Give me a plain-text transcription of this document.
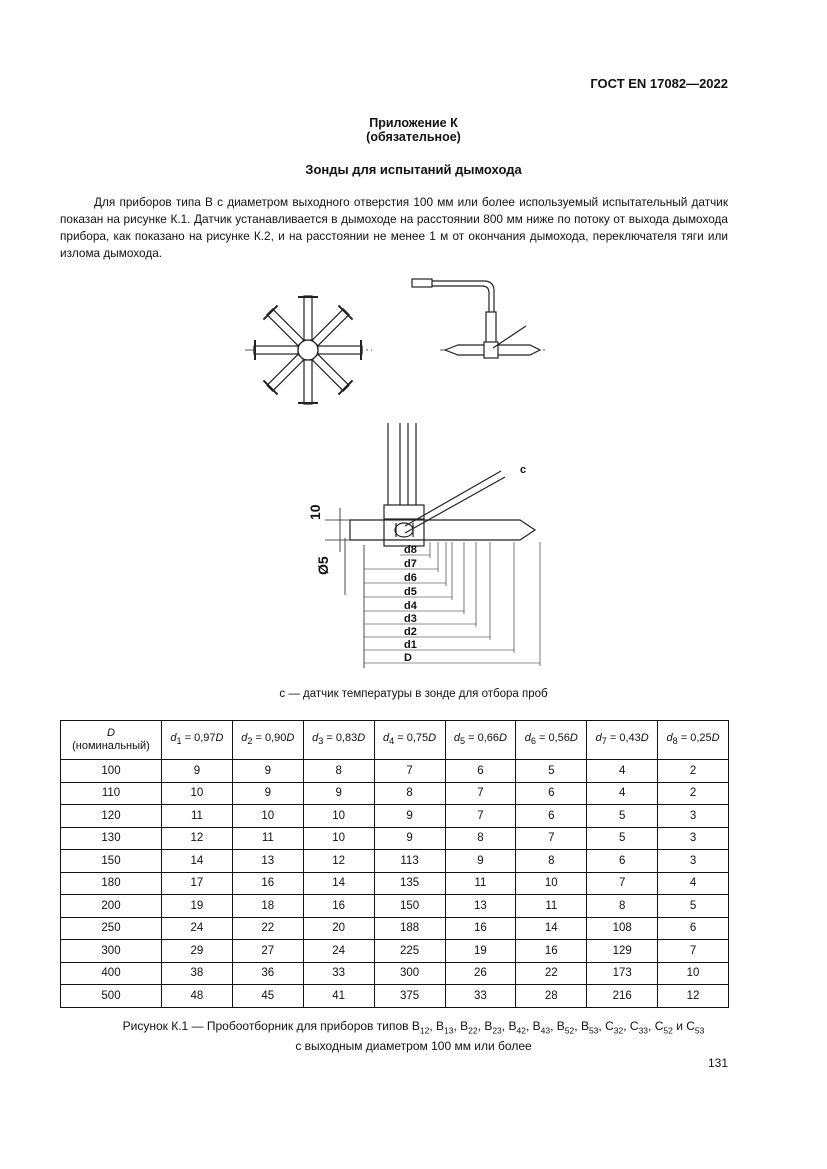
ГОСТ EN 17082—2022
Приложение К
(обязательное)
Зонды для испытаний дымохода
Для приборов типа В с диаметром выходного отверстия 100 мм или более используемый испытательный датчик показан на рисунке К.1. Датчик устанавливается в дымоходе на расстоянии 800 мм ниже по потоку от выхода дымохода прибора, как показано на рисунке К.2, и на расстоянии не менее 1 м от окончания дымохода, переключателя тяги или излома дымохода.
c
10
Ø5
d8
d7
d6
d5
d4
d3
d2
d1
D
с — датчик температуры в зонде для отбора проб
D
(номинальный)	$d_1 = 0,97D$	$d_2 = 0,90D$	$d_3 = 0,83D$	$d_4 = 0,75D$	$d_5 = 0,66D$	$d_6 = 0,56D$	$d_7 = 0,43D$	$d_8 = 0,25D$
100	9	9	8	7	6	5	4	2
110	10	9	9	8	7	6	4	2
120	11	10	10	9	7	6	5	3
130	12	11	10	9	8	7	5	3
150	14	13	12	113	9	8	6	3
180	17	16	14	135	11	10	7	4
200	19	18	16	150	13	11	8	5
250	24	22	20	188	16	14	108	6
300	29	27	24	225	19	16	129	7
400	38	36	33	300	26	22	173	10
500	48	45	41	375	33	28	216	12
Рисунок К.1 — Пробоотборник для приборов типов $B_{12}$, $B_{13}$, $B_{22}$, $B_{23}$, $B_{42}$, $B_{43}$, $B_{52}$, $B_{53}$, $C_{32}$, $C_{33}$, $C_{52}$ и $C_{53}$
с выходным диаметром 100 мм или более
131
